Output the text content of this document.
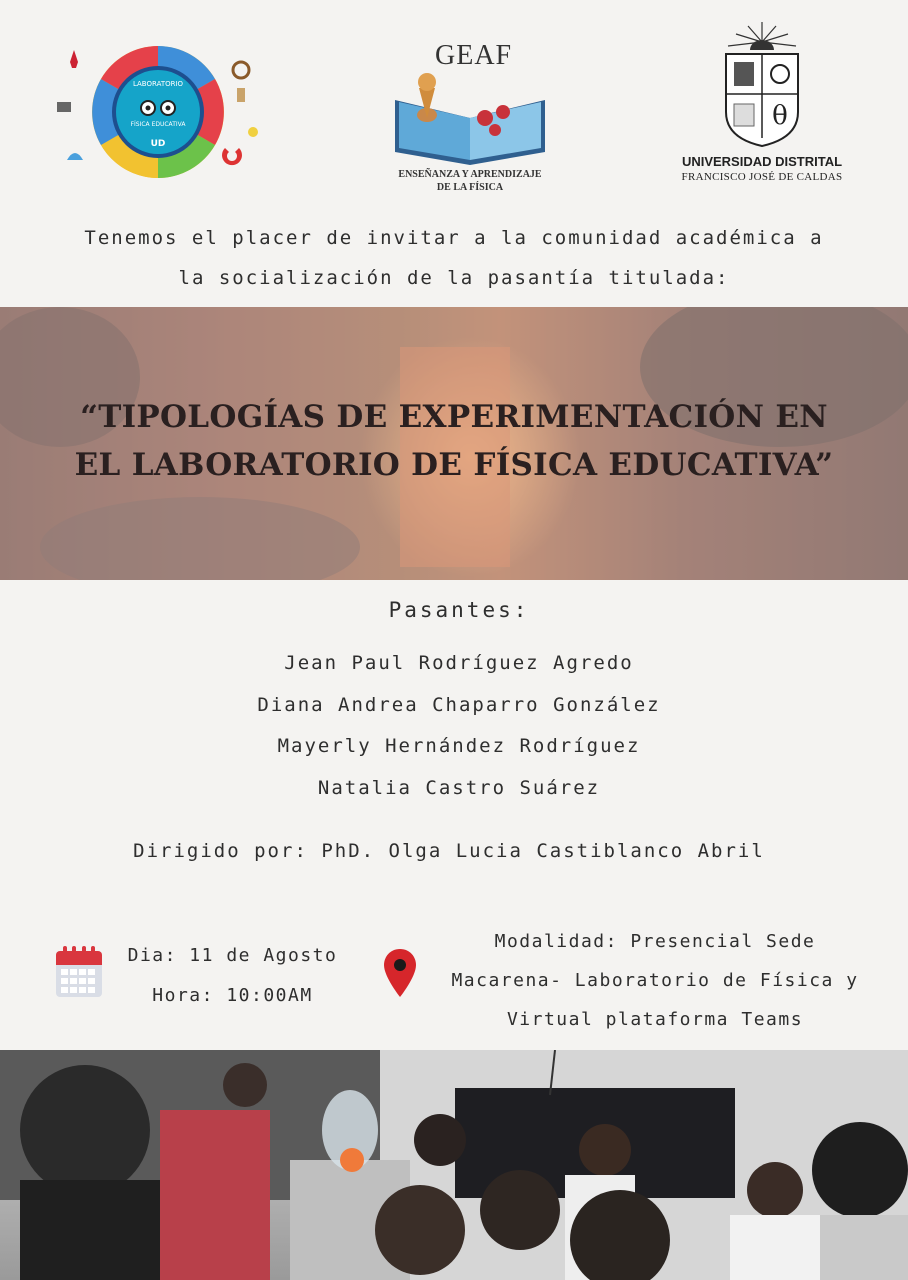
LABORATORIO
FÍSICA EDUCATIVA
UD
GEAF
ENSEÑANZA Y APRENDIZAJE
DE LA FÍSICA
θ
UNIVERSIDAD DISTRITAL
FRANCISCO JOSÉ DE CALDAS
Tenemos el placer de invitar a la comunidad académica a
la socialización de la pasantía titulada:
“TIPOLOGÍAS DE EXPERIMENTACIÓN EN
EL LABORATORIO DE FÍSICA EDUCATIVA”
Pasantes:
Jean Paul Rodríguez Agredo
Diana Andrea Chaparro González
Mayerly Hernández Rodríguez
Natalia Castro Suárez
Dirigido por: PhD. Olga Lucia Castiblanco Abril
Dia: 11 de Agosto
Hora: 10:00AM
Modalidad: Presencial Sede
Macarena- Laboratorio de Física y
Virtual plataforma Teams
